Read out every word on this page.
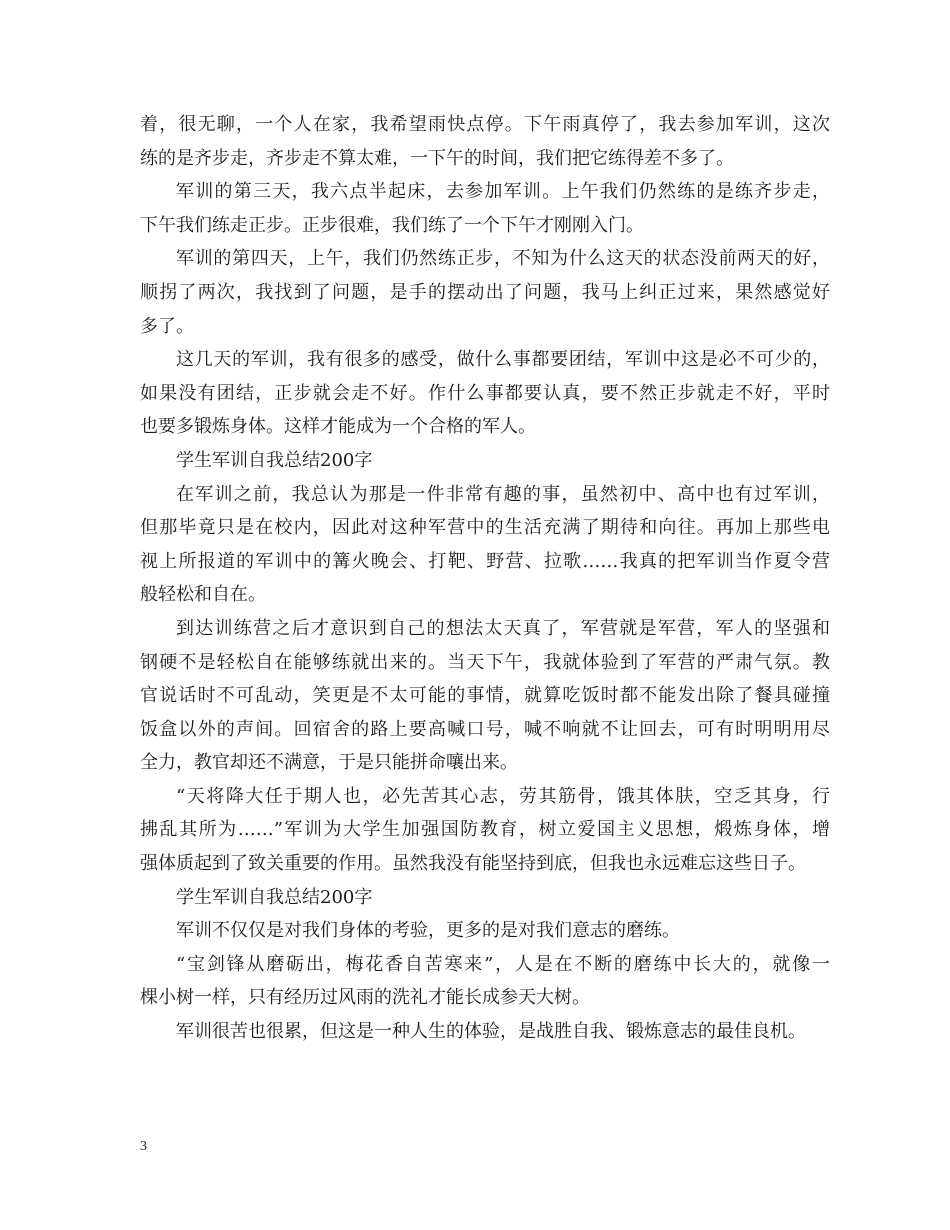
着，很无聊，一个人在家，我希望雨快点停。下午雨真停了，我去参加军训，这次
练的是齐步走，齐步走不算太难，一下午的时间，我们把它练得差不多了。
军训的第三天，我六点半起床，去参加军训。上午我们仍然练的是练齐步走，
下午我们练走正步。正步很难，我们练了一个下午才刚刚入门。
军训的第四天，上午，我们仍然练正步，不知为什么这天的状态没前两天的好，
顺拐了两次，我找到了问题，是手的摆动出了问题，我马上纠正过来，果然感觉好
多了。
这几天的军训，我有很多的感受，做什么事都要团结，军训中这是必不可少的，
如果没有团结，正步就会走不好。作什么事都要认真，要不然正步就走不好，平时
也要多锻炼身体。这样才能成为一个合格的军人。
学生军训自我总结200字
在军训之前，我总认为那是一件非常有趣的事，虽然初中、高中也有过军训，
但那毕竟只是在校内，因此对这种军营中的生活充满了期待和向往。再加上那些电
视上所报道的军训中的篝火晚会、打靶、野营、拉歌……我真的把军训当作夏令营
般轻松和自在。
到达训练营之后才意识到自己的想法太天真了，军营就是军营，军人的坚强和
钢硬不是轻松自在能够练就出来的。当天下午，我就体验到了军营的严肃气氛。教
官说话时不可乱动，笑更是不太可能的事情，就算吃饭时都不能发出除了餐具碰撞
饭盒以外的声间。回宿舍的路上要高喊口号，喊不响就不让回去，可有时明明用尽
全力，教官却还不满意，于是只能拼命嚷出来。
“天将降大任于期人也，必先苦其心志，劳其筋骨，饿其体肤，空乏其身，行
拂乱其所为……”军训为大学生加强国防教育，树立爱国主义思想，煅炼身体，增
强体质起到了致关重要的作用。虽然我没有能坚持到底，但我也永远难忘这些日子。
学生军训自我总结200字
军训不仅仅是对我们身体的考验，更多的是对我们意志的磨练。
“宝剑锋从磨砺出，梅花香自苦寒来”，人是在不断的磨练中长大的，就像一
棵小树一样，只有经历过风雨的洗礼才能长成参天大树。
军训很苦也很累，但这是一种人生的体验，是战胜自我、锻炼意志的最佳良机。
3
